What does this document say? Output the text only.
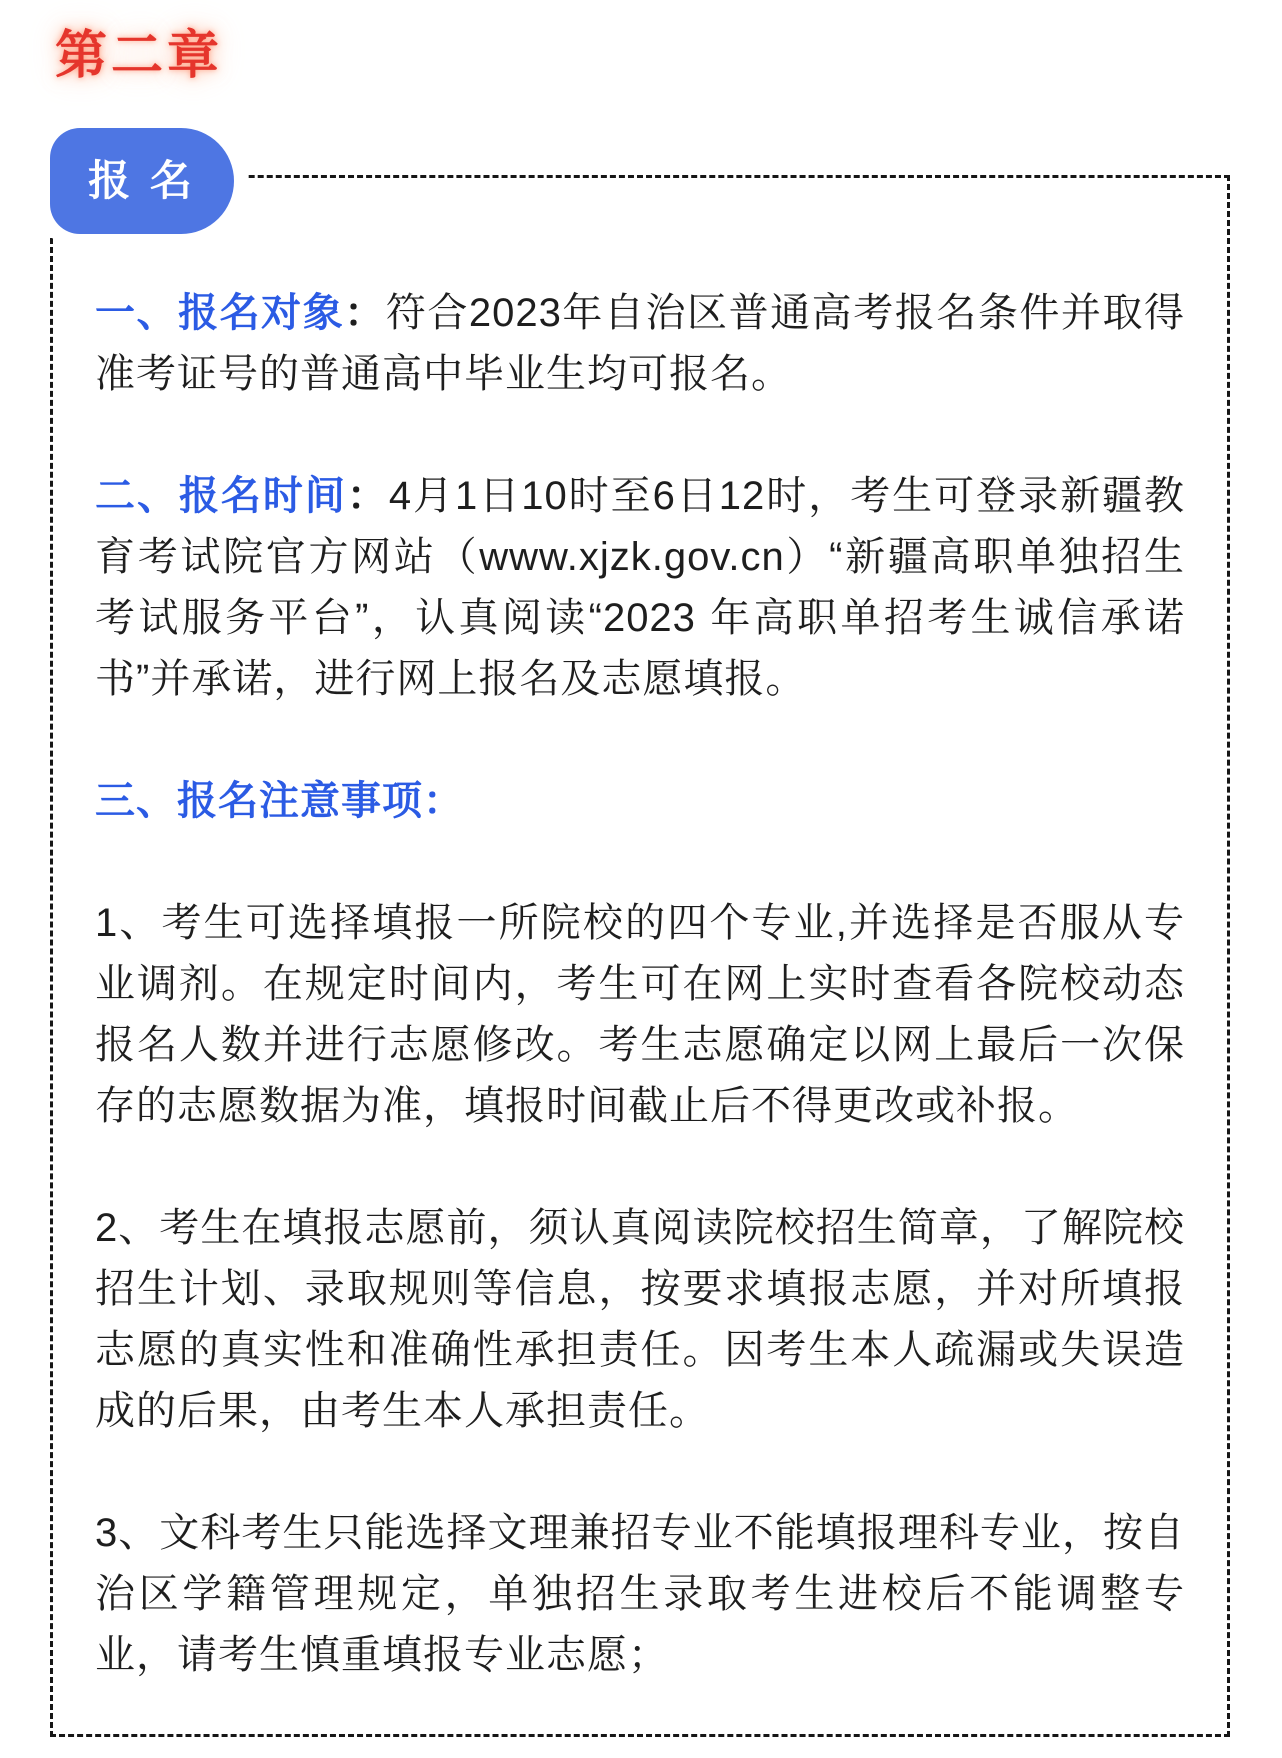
第二章

一、报名对象：符合2023年自治区普通高考报名条件并取得准考证号的普通高中毕业生均可报名。

二、报名时间：4月1日10时至6日12时，考生可登录新疆教育考试院官方网站（www.xjzk.gov.cn）“新疆高职单独招生考试服务平台”，认真阅读“2023 年高职单招考生诚信承诺书”并承诺，进行网上报名及志愿填报。

三、报名注意事项：

1、考生可选择填报一所院校的四个专业,并选择是否服从专业调剂。在规定时间内，考生可在网上实时查看各院校动态报名人数并进行志愿修改。考生志愿确定以网上最后一次保存的志愿数据为准，填报时间截止后不得更改或补报。

2、考生在填报志愿前，须认真阅读院校招生简章，了解院校招生计划、录取规则等信息，按要求填报志愿，并对所填报志愿的真实性和准确性承担责任。因考生本人疏漏或失误造成的后果，由考生本人承担责任。

3、文科考生只能选择文理兼招专业不能填报理科专业，按自治区学籍管理规定，单独招生录取考生进校后不能调整专业，请考生慎重填报专业志愿；

报 名
